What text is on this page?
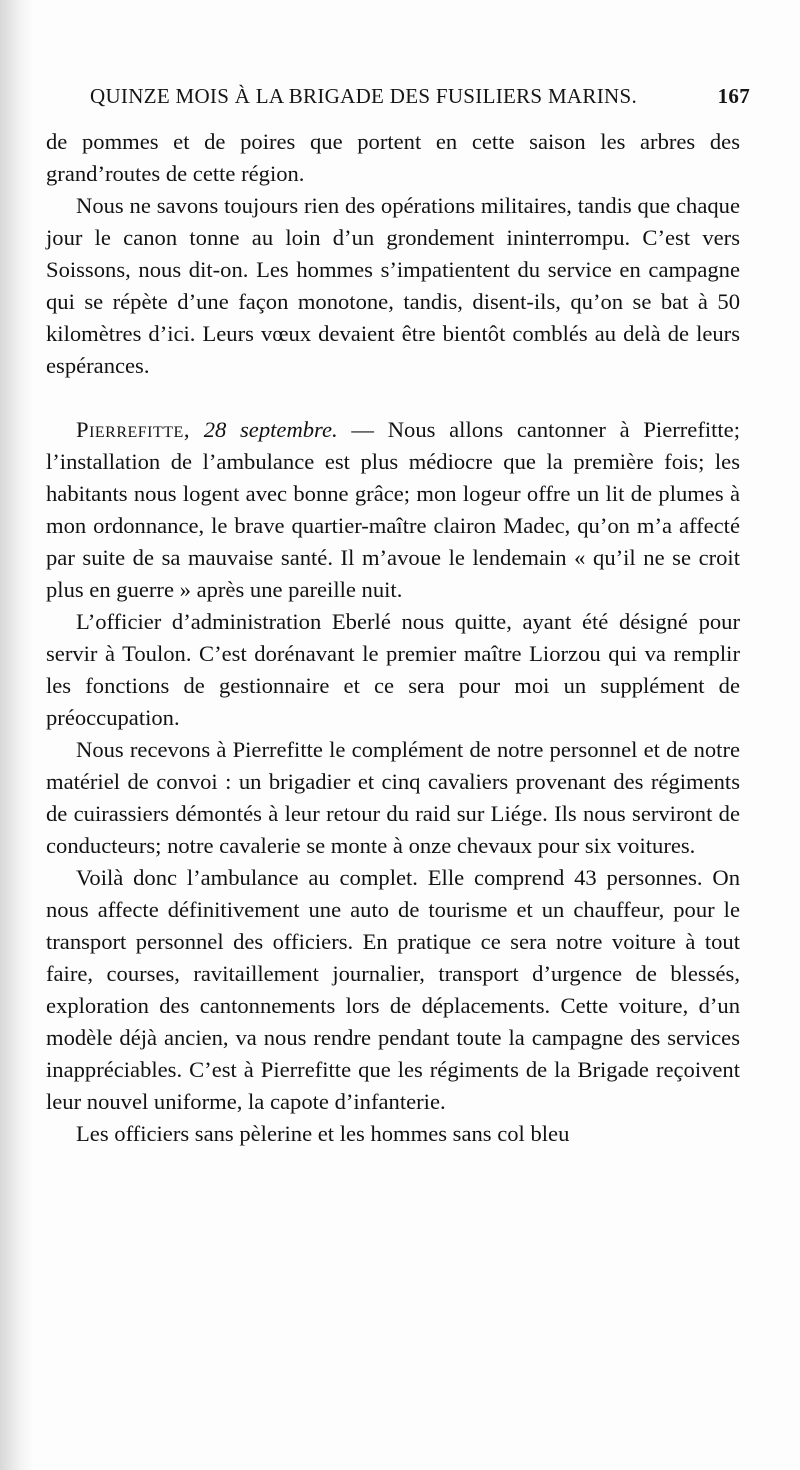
QUINZE MOIS À LA BRIGADE DES FUSILIERS MARINS.	167

de pommes et de poires que portent en cette saison les arbres des grand’routes de cette région.

Nous ne savons toujours rien des opérations militaires, tandis que chaque jour le canon tonne au loin d’un grondement ininterrompu. C’est vers Soissons, nous dit-on. Les hommes s’impatientent du service en campagne qui se répète d’une façon monotone, tandis, disent-ils, qu’on se bat à 50 kilomètres d’ici. Leurs vœux devaient être bientôt comblés au delà de leurs espérances.

Pierrefitte, 28 septembre. — Nous allons cantonner à Pierrefitte; l’installation de l’ambulance est plus médiocre que la première fois; les habitants nous logent avec bonne grâce; mon logeur offre un lit de plumes à mon ordonnance, le brave quartier-maître clairon Madec, qu’on m’a affecté par suite de sa mauvaise santé. Il m’avoue le lendemain « qu’il ne se croit plus en guerre » après une pareille nuit.

L’officier d’administration Eberlé nous quitte, ayant été désigné pour servir à Toulon. C’est dorénavant le premier maître Liorzou qui va remplir les fonctions de gestionnaire et ce sera pour moi un supplément de préoccupation.

Nous recevons à Pierrefitte le complément de notre personnel et de notre matériel de convoi : un brigadier et cinq cavaliers provenant des régiments de cuirassiers démontés à leur retour du raid sur Liége. Ils nous serviront de conducteurs; notre cavalerie se monte à onze chevaux pour six voitures.

Voilà donc l’ambulance au complet. Elle comprend 43 personnes. On nous affecte définitivement une auto de tourisme et un chauffeur, pour le transport personnel des officiers. En pratique ce sera notre voiture à tout faire, courses, ravitaillement journalier, transport d’urgence de blessés, exploration des cantonnements lors de déplacements. Cette voiture, d’un modèle déjà ancien, va nous rendre pendant toute la campagne des services inappréciables. C’est à Pierrefitte que les régiments de la Brigade reçoivent leur nouvel uniforme, la capote d’infanterie.

Les officiers sans pèlerine et les hommes sans col bleu
